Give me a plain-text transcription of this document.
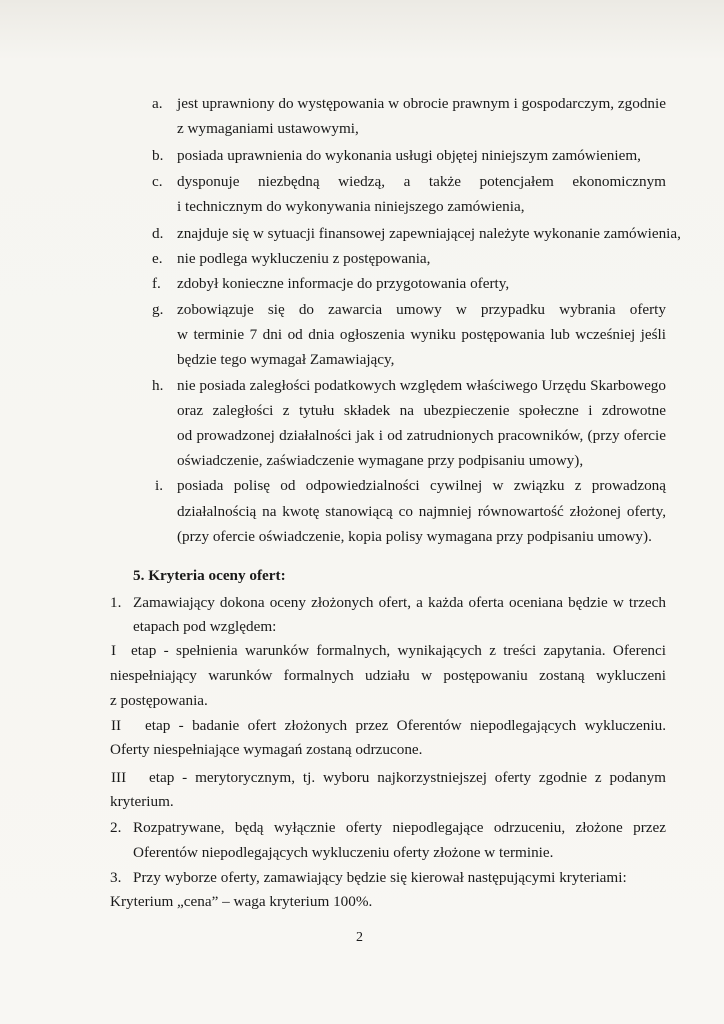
a. jest uprawniony do występowania w obrocie prawnym i gospodarczym, zgodnie
z wymaganiami ustawowymi,
b. posiada uprawnienia do wykonania usługi objętej niniejszym zamówieniem,
c. dysponuje niezbędną wiedzą, a także potencjałem ekonomicznym
i technicznym do wykonywania niniejszego zamówienia,
d. znajduje się w sytuacji finansowej zapewniającej należyte wykonanie zamówienia,
e. nie podlega wykluczeniu z postępowania,
f. zdobył konieczne informacje do przygotowania oferty,
g. zobowiązuje się do zawarcia umowy w przypadku wybrania oferty
w terminie 7 dni od dnia ogłoszenia wyniku postępowania lub wcześniej jeśli
będzie tego wymagał Zamawiający,
h. nie posiada zaległości podatkowych względem właściwego Urzędu Skarbowego
oraz zaległości z tytułu składek na ubezpieczenie społeczne i zdrowotne
od prowadzonej działalności jak i od zatrudnionych pracowników, (przy ofercie
oświadczenie, zaświadczenie wymagane przy podpisaniu umowy),
i. posiada polisę od odpowiedzialności cywilnej w związku z prowadzoną
działalnością na kwotę stanowiącą co najmniej równowartość złożonej oferty,
(przy ofercie oświadczenie, kopia polisy wymagana przy podpisaniu umowy).
5. Kryteria oceny ofert:
1. Zamawiający dokona oceny złożonych ofert, a każda oferta oceniana będzie w trzech
etapach pod względem:
I etap - spełnienia warunków formalnych, wynikających z treści zapytania. Oferenci
niespełniający warunków formalnych udziału w postępowaniu zostaną wykluczeni
z postępowania.
II etap - badanie ofert złożonych przez Oferentów niepodlegających wykluczeniu.
Oferty niespełniające wymagań zostaną odrzucone.
III etap - merytorycznym, tj. wyboru najkorzystniejszej oferty zgodnie z podanym
kryterium.
2. Rozpatrywane, będą wyłącznie oferty niepodlegające odrzuceniu, złożone przez
Oferentów niepodlegających wykluczeniu oferty złożone w terminie.
3. Przy wyborze oferty, zamawiający będzie się kierował następującymi kryteriami:
Kryterium „cena” – waga kryterium 100%.
2
